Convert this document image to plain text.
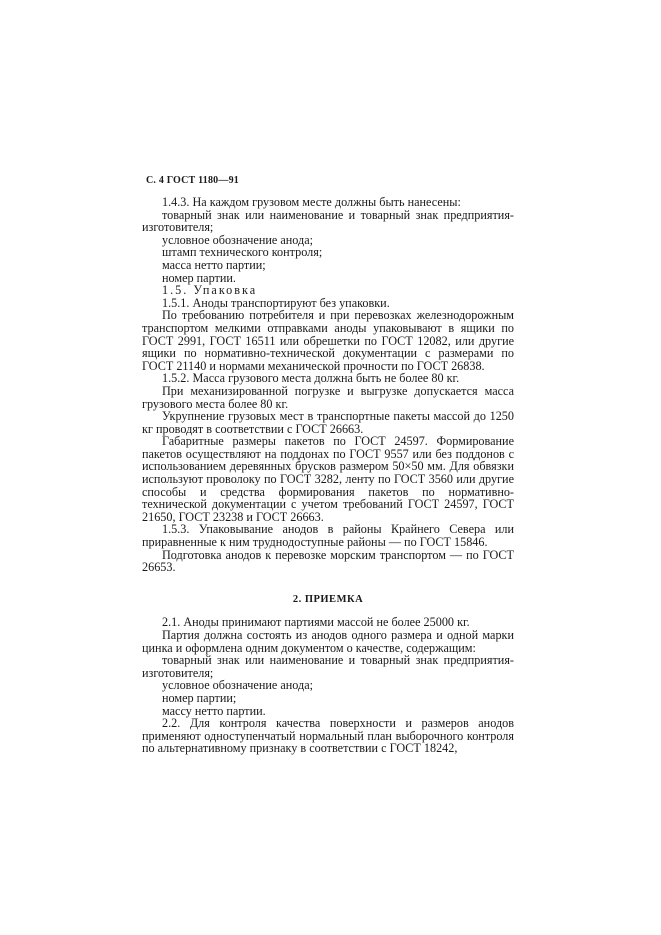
С. 4 ГОСТ 1180—91

1.4.3. На каждом грузовом месте должны быть нанесены:

товарный знак или наименование и товарный знак предприятия-изготовителя;

условное обозначение анода;

штамп технического контроля;

масса нетто партии;

номер партии.

1.5. Упаковка

1.5.1. Аноды транспортируют без упаковки.

По требованию потребителя и при перевозках железнодорожным транспортом мелкими отправками аноды упаковывают в ящики по ГОСТ 2991, ГОСТ 16511 или обрешетки по ГОСТ 12082, или другие ящики по нормативно-технической документации с размерами по ГОСТ 21140 и нормами механической прочности по ГОСТ 26838.

1.5.2. Масса грузового места должна быть не более 80 кг.

При механизированной погрузке и выгрузке допускается масса грузового места более 80 кг.

Укрупнение грузовых мест в транспортные пакеты массой до 1250 кг проводят в соответствии с ГОСТ 26663.

Габаритные размеры пакетов по ГОСТ 24597. Формирование пакетов осуществляют на поддонах по ГОСТ 9557 или без поддонов с использованием деревянных брусков размером 50×50 мм. Для обвязки используют проволоку по ГОСТ 3282, ленту по ГОСТ 3560 или другие способы и средства формирования пакетов по нормативно-технической документации с учетом требований ГОСТ 24597, ГОСТ 21650, ГОСТ 23238 и ГОСТ 26663.

1.5.3. Упаковывание анодов в районы Крайнего Севера или приравненные к ним труднодоступные районы — по ГОСТ 15846.

Подготовка анодов к перевозке морским транспортом — по ГОСТ 26653.

2. ПРИЕМКА

2.1. Аноды принимают партиями массой не более 25000 кг.

Партия должна состоять из анодов одного размера и одной марки цинка и оформлена одним документом о качестве, содержащим:

товарный знак или наименование и товарный знак предприятия-изготовителя;

условное обозначение анода;

номер партии;

массу нетто партии.

2.2. Для контроля качества поверхности и размеров анодов применяют одноступенчатый нормальный план выборочного контроля по альтернативному признаку в соответствии с ГОСТ 18242,
